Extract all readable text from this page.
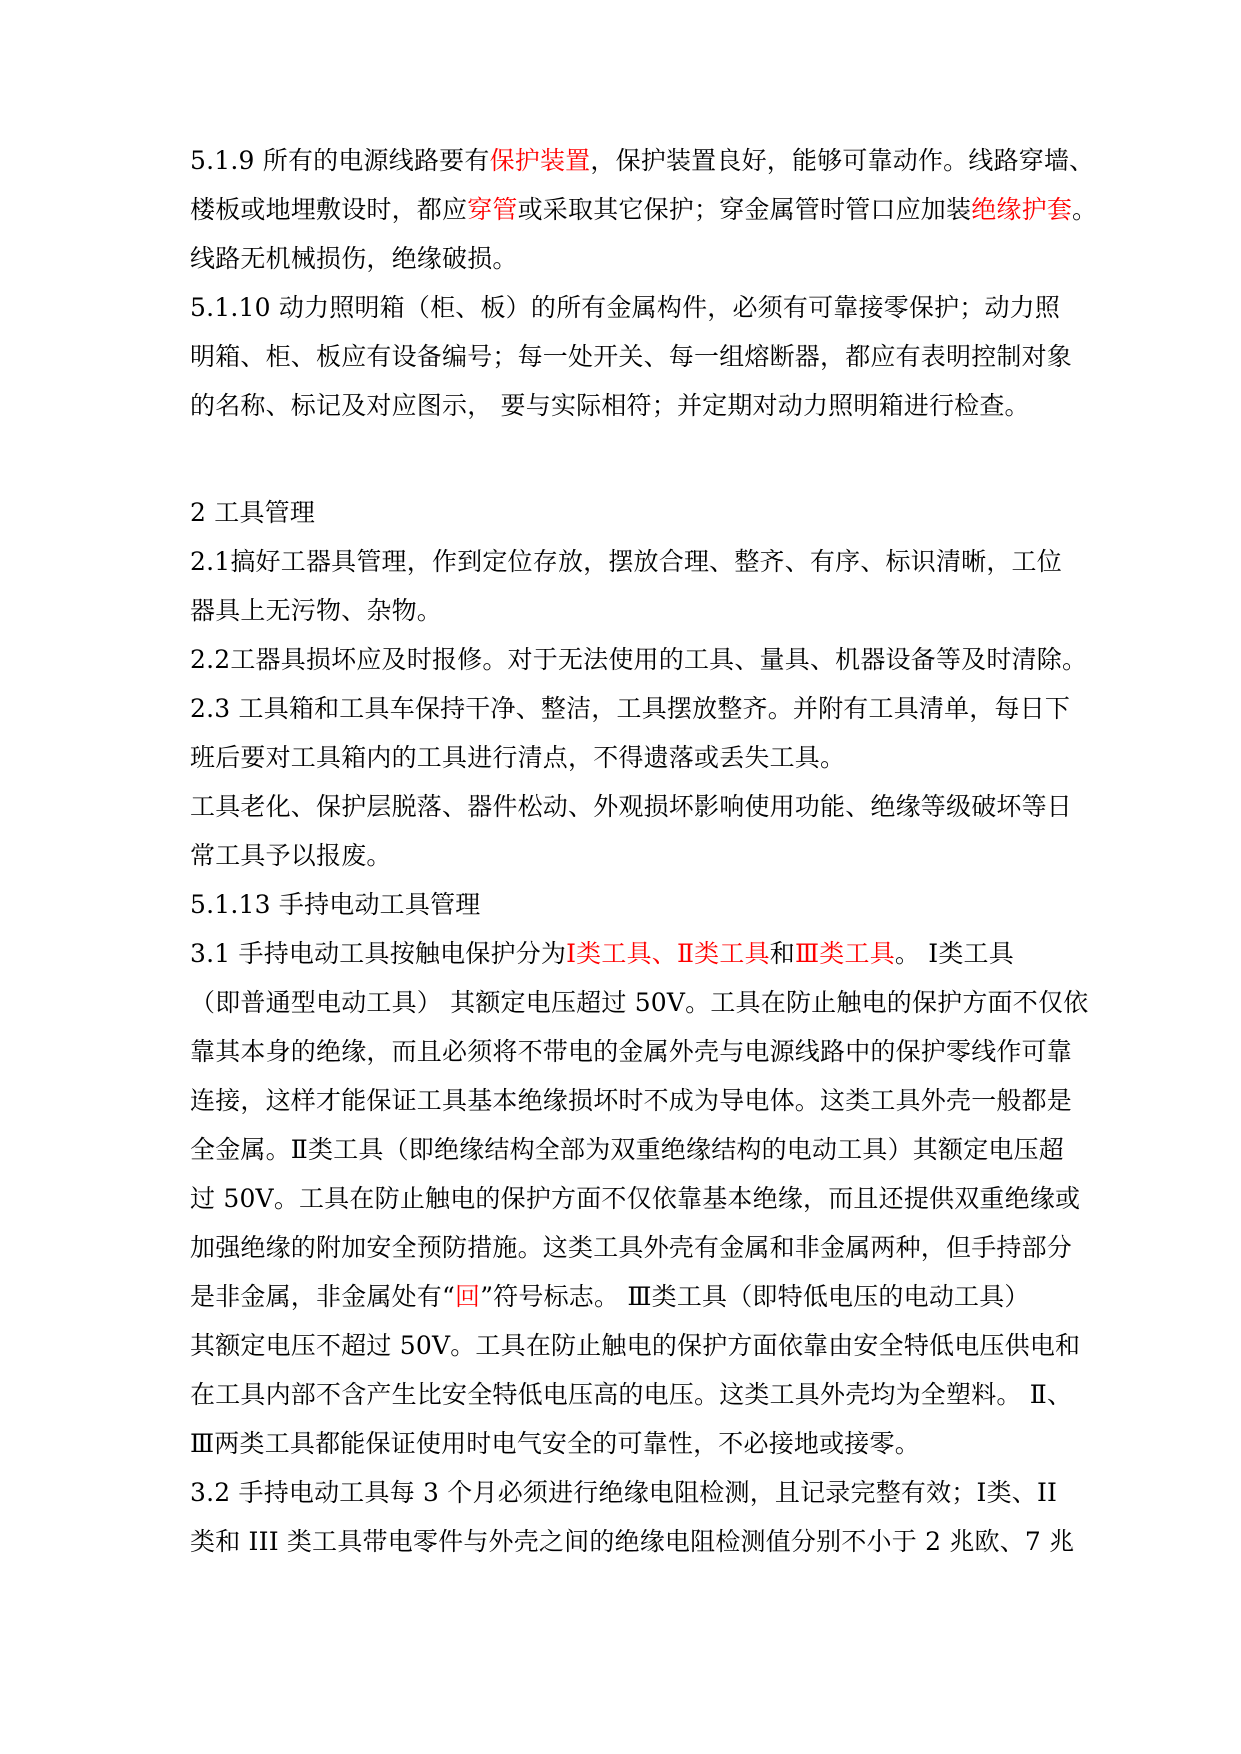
5.1.9 所有的电源线路要有保护装置，保护装置良好，能够可靠动作。线路穿墙、
楼板或地埋敷设时，都应穿管或采取其它保护；穿金属管时管口应加装绝缘护套。
线路无机械损伤，绝缘破损。
5.1.10 动力照明箱（柜、板）的所有金属构件，必须有可靠接零保护；动力照
明箱、柜、板应有设备编号；每一处开关、每一组熔断器，都应有表明控制对象
的名称、标记及对应图示， 要与实际相符；并定期对动力照明箱进行检查。
2 工具管理
2.1搞好工器具管理，作到定位存放，摆放合理、整齐、有序、标识清晰，工位
器具上无污物、杂物。
2.2工器具损坏应及时报修。对于无法使用的工具、量具、机器设备等及时清除。
2.3 工具箱和工具车保持干净、整洁，工具摆放整齐。并附有工具清单，每日下
班后要对工具箱内的工具进行清点，不得遗落或丢失工具。
工具老化、保护层脱落、器件松动、外观损坏影响使用功能、绝缘等级破坏等日
常工具予以报废。
5.1.13 手持电动工具管理
3.1 手持电动工具按触电保护分为Ⅰ类工具、Ⅱ类工具和Ⅲ类工具。 Ⅰ类工具
（即普通型电动工具） 其额定电压超过 50V。工具在防止触电的保护方面不仅依
靠其本身的绝缘，而且必须将不带电的金属外壳与电源线路中的保护零线作可靠
连接，这样才能保证工具基本绝缘损坏时不成为导电体。这类工具外壳一般都是
全金属。Ⅱ类工具（即绝缘结构全部为双重绝缘结构的电动工具）其额定电压超
过 50V。工具在防止触电的保护方面不仅依靠基本绝缘，而且还提供双重绝缘或
加强绝缘的附加安全预防措施。这类工具外壳有金属和非金属两种，但手持部分
是非金属，非金属处有“回”符号标志。 Ⅲ类工具（即特低电压的电动工具）
其额定电压不超过 50V。工具在防止触电的保护方面依靠由安全特低电压供电和
在工具内部不含产生比安全特低电压高的电压。这类工具外壳均为全塑料。 Ⅱ、
Ⅲ两类工具都能保证使用时电气安全的可靠性，不必接地或接零。
3.2 手持电动工具每 3 个月必须进行绝缘电阻检测，且记录完整有效；Ⅰ类、II
类和 III 类工具带电零件与外壳之间的绝缘电阻检测值分别不小于 2 兆欧、7 兆
